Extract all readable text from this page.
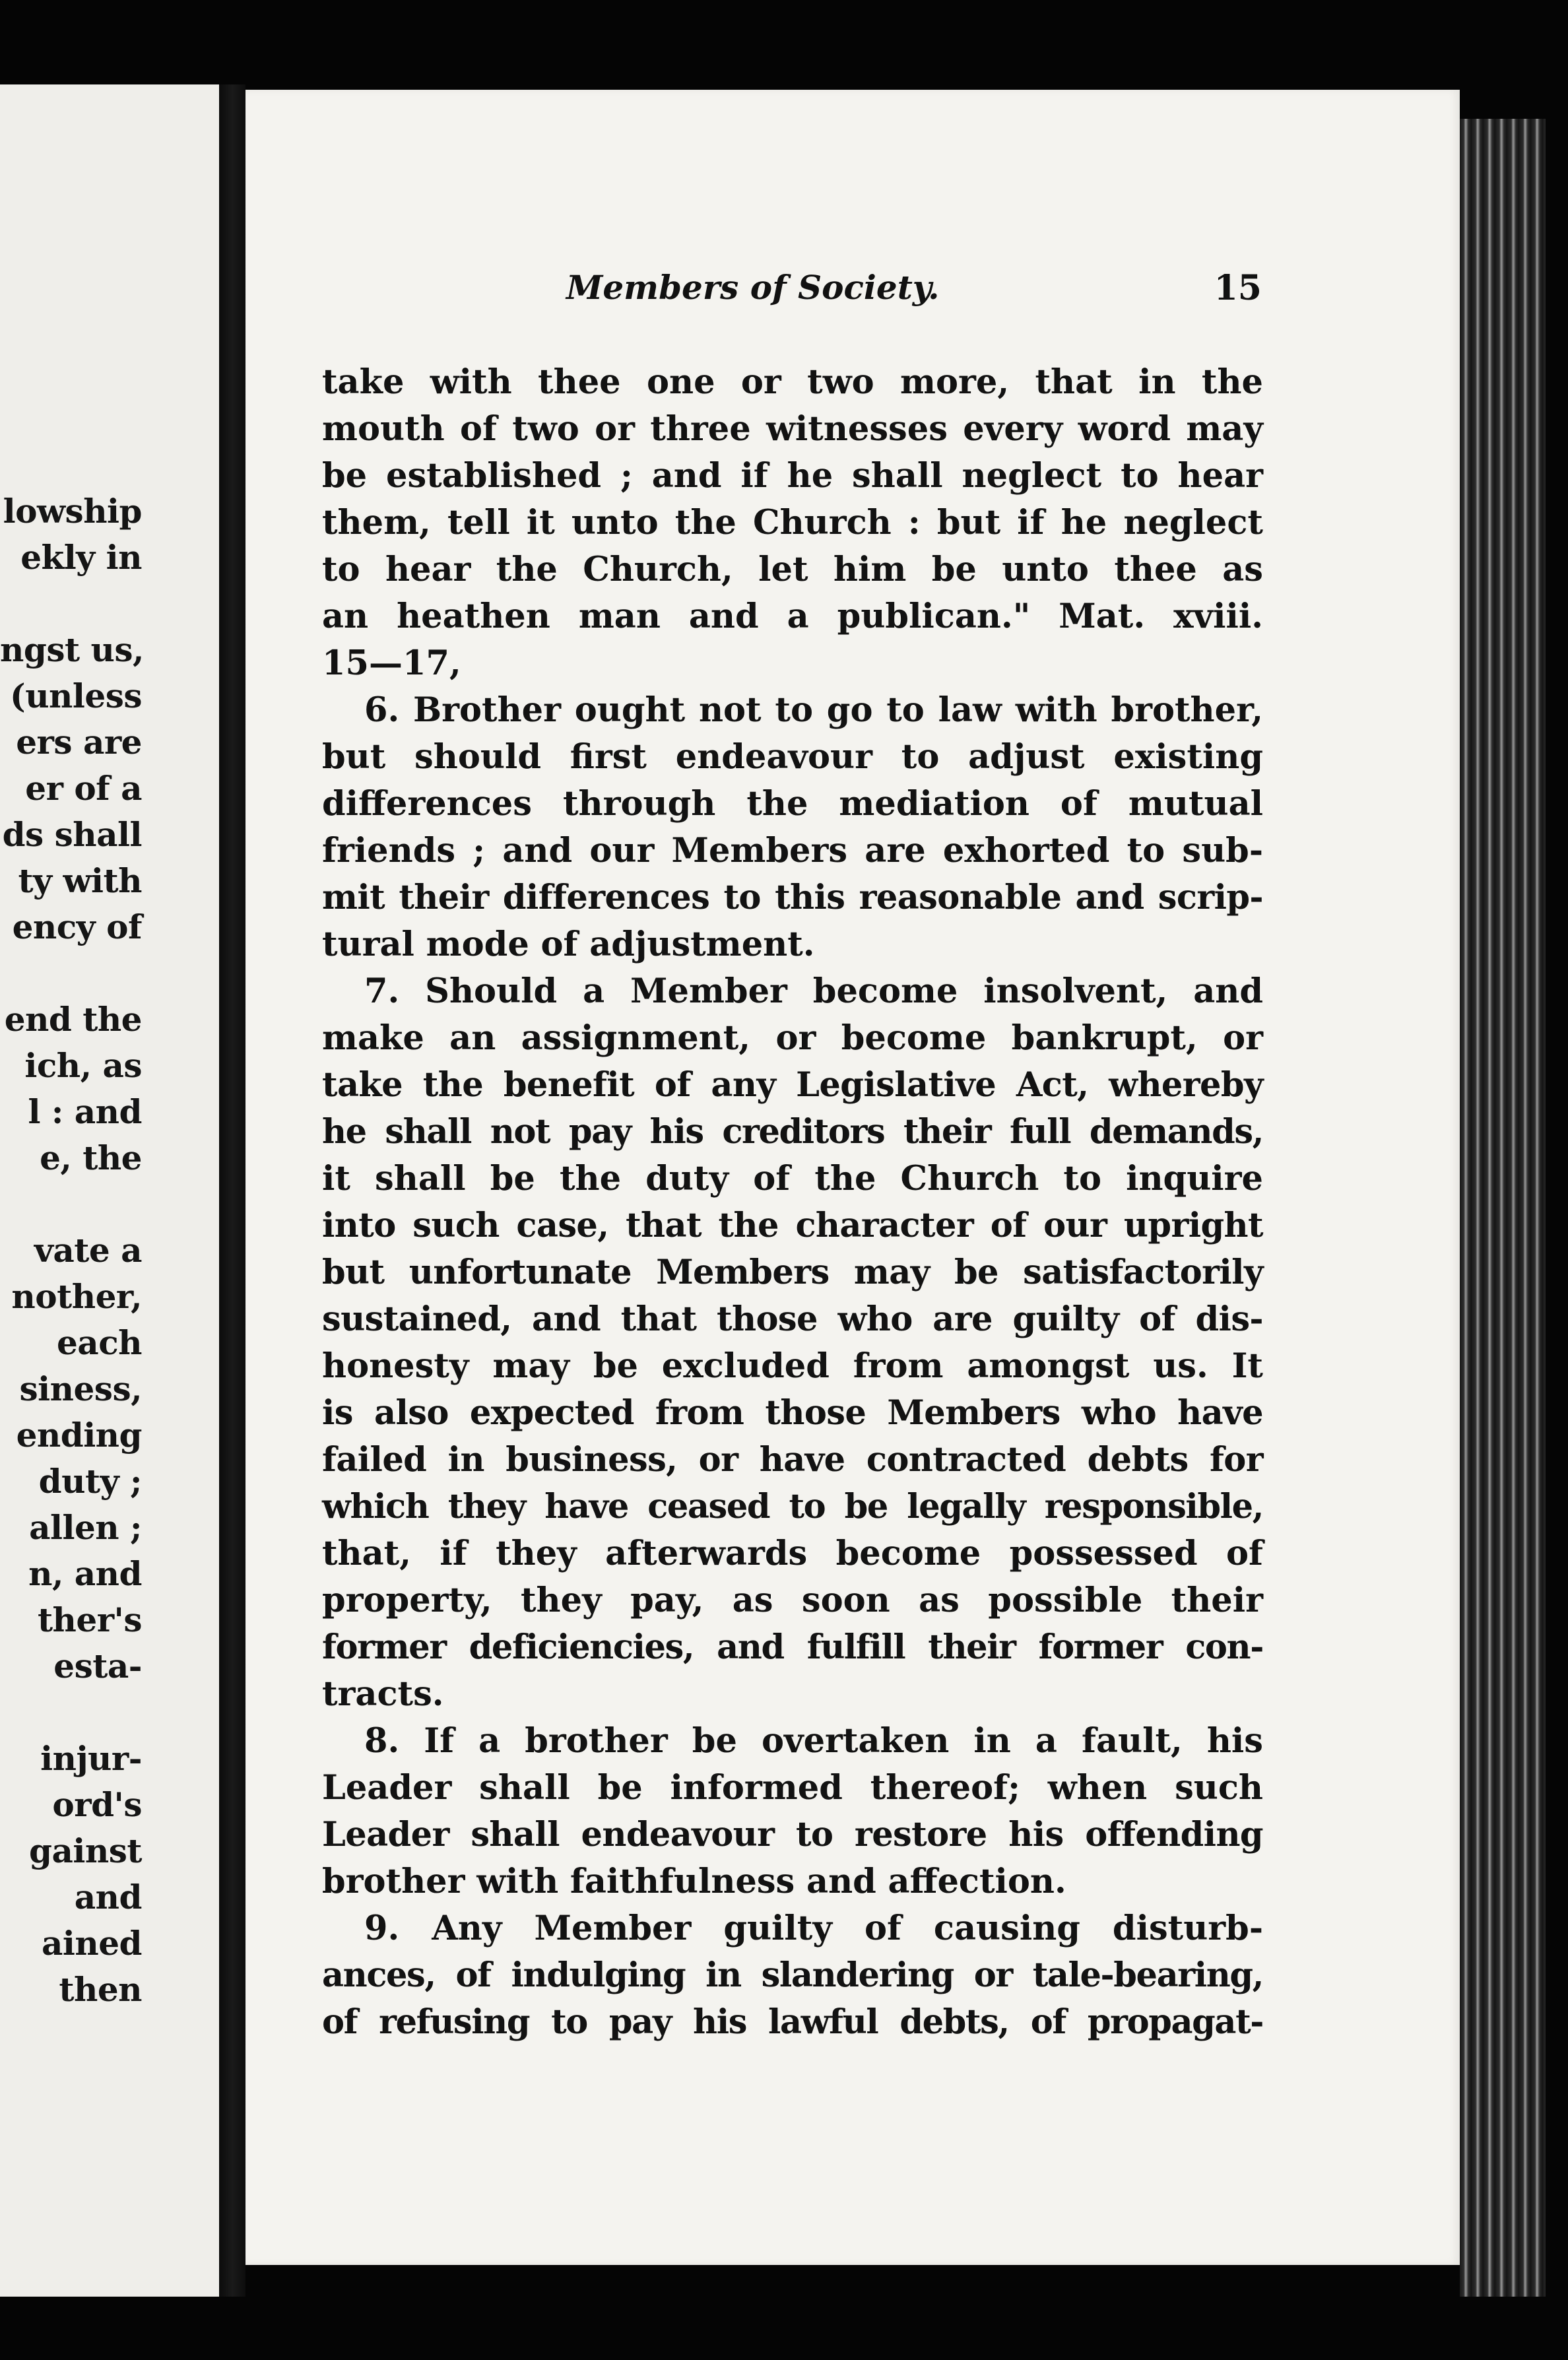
lowship
ekly in
ngst us,
(unless
ers are
er of a
ds shall
ty with
ency of
end the
ich, as
l : and
e, the
vate a
nother,
each
siness,
ending
duty ;
allen ;
n, and
ther's
esta-
injur-
ord's
gainst
and
ained
then
Members of Society.	15
take with thee one or two more, that in the
mouth of two or three witnesses every word may
be established ; and if he shall neglect to hear
them, tell it unto the Church : but if he neglect
to hear the Church, let him be unto thee as
an heathen man and a publican." Mat. xviii.
15—17,
6. Brother ought not to go to law with brother,
but should first endeavour to adjust existing
differences through the mediation of mutual
friends ; and our Members are exhorted to sub-
mit their differences to this reasonable and scrip-
tural mode of adjustment.
7. Should a Member become insolvent, and
make an assignment, or become bankrupt, or
take the benefit of any Legislative Act, whereby
he shall not pay his creditors their full demands,
it shall be the duty of the Church to inquire
into such case, that the character of our upright
but unfortunate Members may be satisfactorily
sustained, and that those who are guilty of dis-
honesty may be excluded from amongst us. It
is also expected from those Members who have
failed in business, or have contracted debts for
which they have ceased to be legally responsible,
that, if they afterwards become possessed of
property, they pay, as soon as possible their
former deficiencies, and fulfill their former con-
tracts.
8. If a brother be overtaken in a fault, his
Leader shall be informed thereof; when such
Leader shall endeavour to restore his offending
brother with faithfulness and affection.
9. Any Member guilty of causing disturb-
ances, of indulging in slandering or tale-bearing,
of refusing to pay his lawful debts, of propagat-
